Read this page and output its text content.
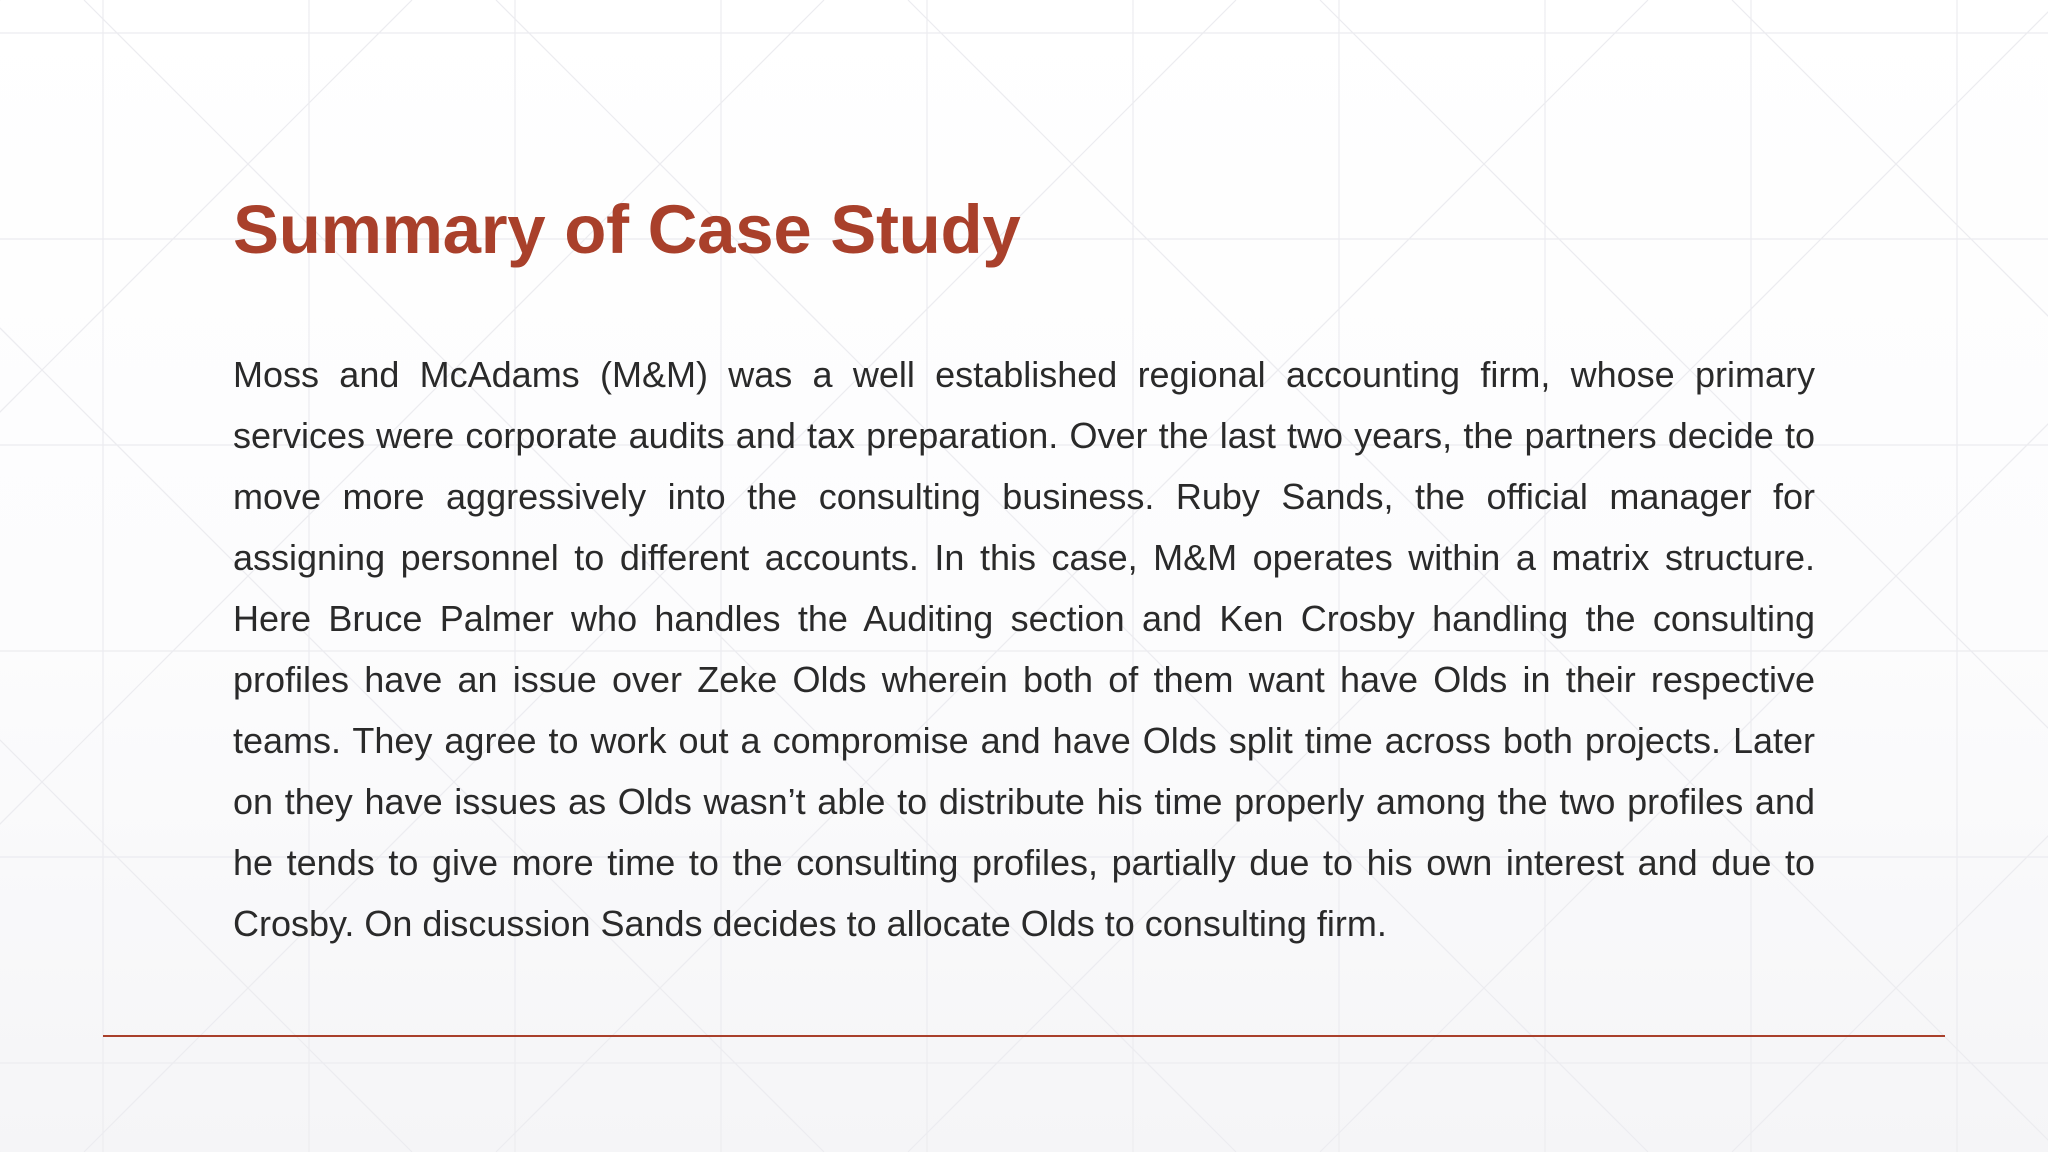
Summary of Case Study

Moss and McAdams (M&M) was a well established regional accounting firm, whose primary services were corporate audits and tax preparation. Over the last two years, the partners decide to move more aggressively into the consulting business. Ruby Sands, the official manager for assigning personnel to different accounts. In this case, M&M operates within a matrix structure. Here Bruce Palmer who handles the Auditing section and Ken Crosby handling the consulting profiles have an issue over Zeke Olds wherein both of them want have Olds in their respective teams. They agree to work out a compromise and have Olds split time across both projects. Later on they have issues as Olds wasn’t able to distribute his time properly among the two profiles and he tends to give more time to the consulting profiles, partially due to his own interest and due to Crosby. On discussion Sands decides to allocate Olds to consulting firm.
